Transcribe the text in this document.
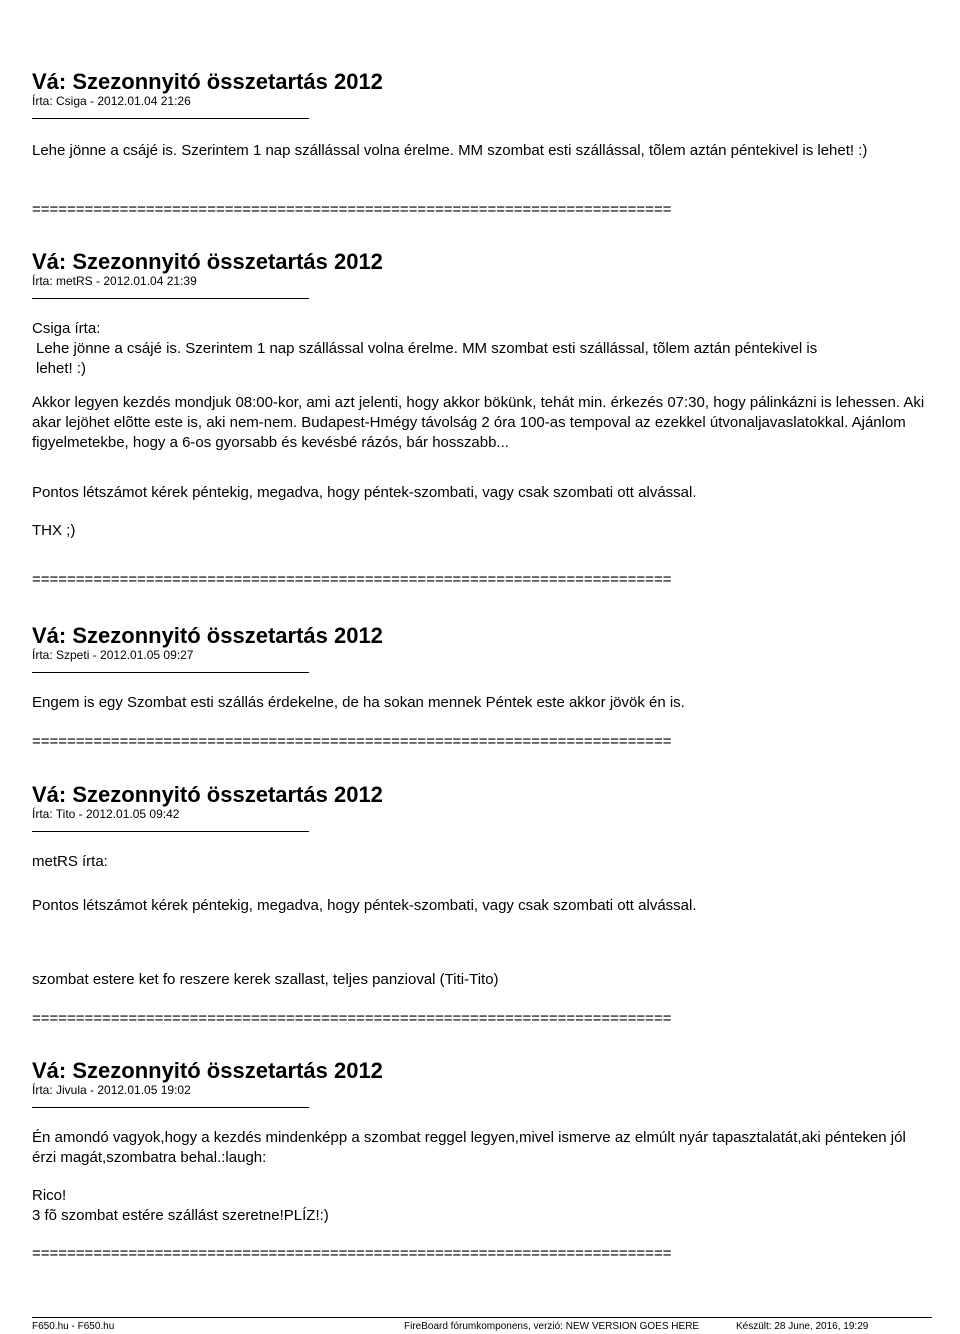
Vá: Szezonnyitó összetartás 2012
Írta: Csiga - 2012.01.04 21:26

Lehe jönne a csájé is. Szerintem 1 nap szállással volna érelme. MM szombat esti szállással, tõlem aztán péntekivel is lehet! :)

=========================================================================
Vá: Szezonnyitó összetartás 2012
Írta: metRS - 2012.01.04 21:39

Csiga írta:

Lehe jönne a csájé is. Szerintem 1 nap szállással volna érelme. MM szombat esti szállással, tõlem aztán péntekivel is lehet! :)

Akkor legyen kezdés mondjuk 08:00-kor, ami azt jelenti, hogy akkor bökünk, tehát min. érkezés 07:30, hogy pálinkázni is lehessen. Aki akar lejöhet elõtte este is, aki nem-nem. Budapest-Hmégy távolság 2 óra 100-as tempoval az ezekkel útvonaljavaslatokkal. Ajánlom figyelmetekbe, hogy a 6-os gyorsabb és kevésbé rázós, bár hosszabb...

Pontos létszámot kérek péntekig, megadva, hogy péntek-szombati, vagy csak szombati ott alvással.

THX ;)

=========================================================================
Vá: Szezonnyitó összetartás 2012
Írta: Szpeti - 2012.01.05 09:27

Engem is egy Szombat esti szállás érdekelne, de ha sokan mennek Péntek este akkor jövök én is.

=========================================================================
Vá: Szezonnyitó összetartás 2012
Írta: Tito - 2012.01.05 09:42

metRS írta:

Pontos létszámot kérek péntekig, megadva, hogy péntek-szombati, vagy csak szombati ott alvással.

szombat estere ket fo reszere kerek szallast, teljes panzioval (Titi-Tito)

=========================================================================
Vá: Szezonnyitó összetartás 2012
Írta: Jivula - 2012.01.05 19:02

Én amondó vagyok,hogy a kezdés mindenképp a szombat reggel legyen,mivel ismerve az elmúlt nyár tapasztalatát,aki pénteken jól érzi magát,szombatra behal.:laugh:

Rico!

3 fõ szombat estére szállást szeretne!PLÍZ!:)

=========================================================================
F650.hu - F650.hu	FireBoard fórumkomponens, verzió: NEW VERSION GOES HERE	Készült: 28 June, 2016, 19:29
